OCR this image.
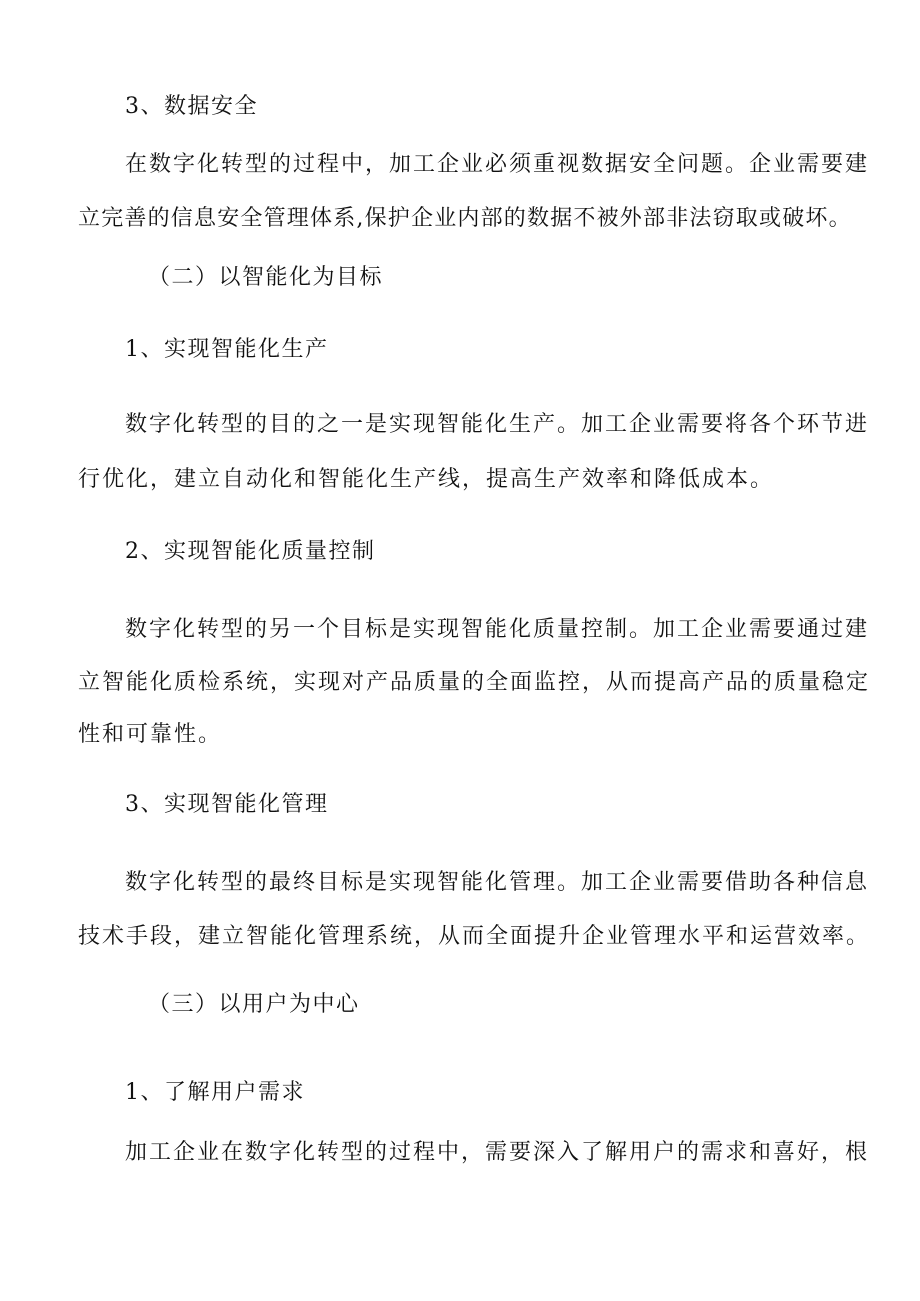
3、数据安全
在数字化转型的过程中，加工企业必须重视数据安全问题。企业需要建
立完善的信息安全管理体系,保护企业内部的数据不被外部非法窃取或破坏。
（二）以智能化为目标
1、实现智能化生产
数字化转型的目的之一是实现智能化生产。加工企业需要将各个环节进
行优化，建立自动化和智能化生产线，提高生产效率和降低成本。
2、实现智能化质量控制
数字化转型的另一个目标是实现智能化质量控制。加工企业需要通过建
立智能化质检系统，实现对产品质量的全面监控，从而提高产品的质量稳定
性和可靠性。
3、实现智能化管理
数字化转型的最终目标是实现智能化管理。加工企业需要借助各种信息
技术手段，建立智能化管理系统，从而全面提升企业管理水平和运营效率。
（三）以用户为中心
1、了解用户需求
加工企业在数字化转型的过程中，需要深入了解用户的需求和喜好，根
